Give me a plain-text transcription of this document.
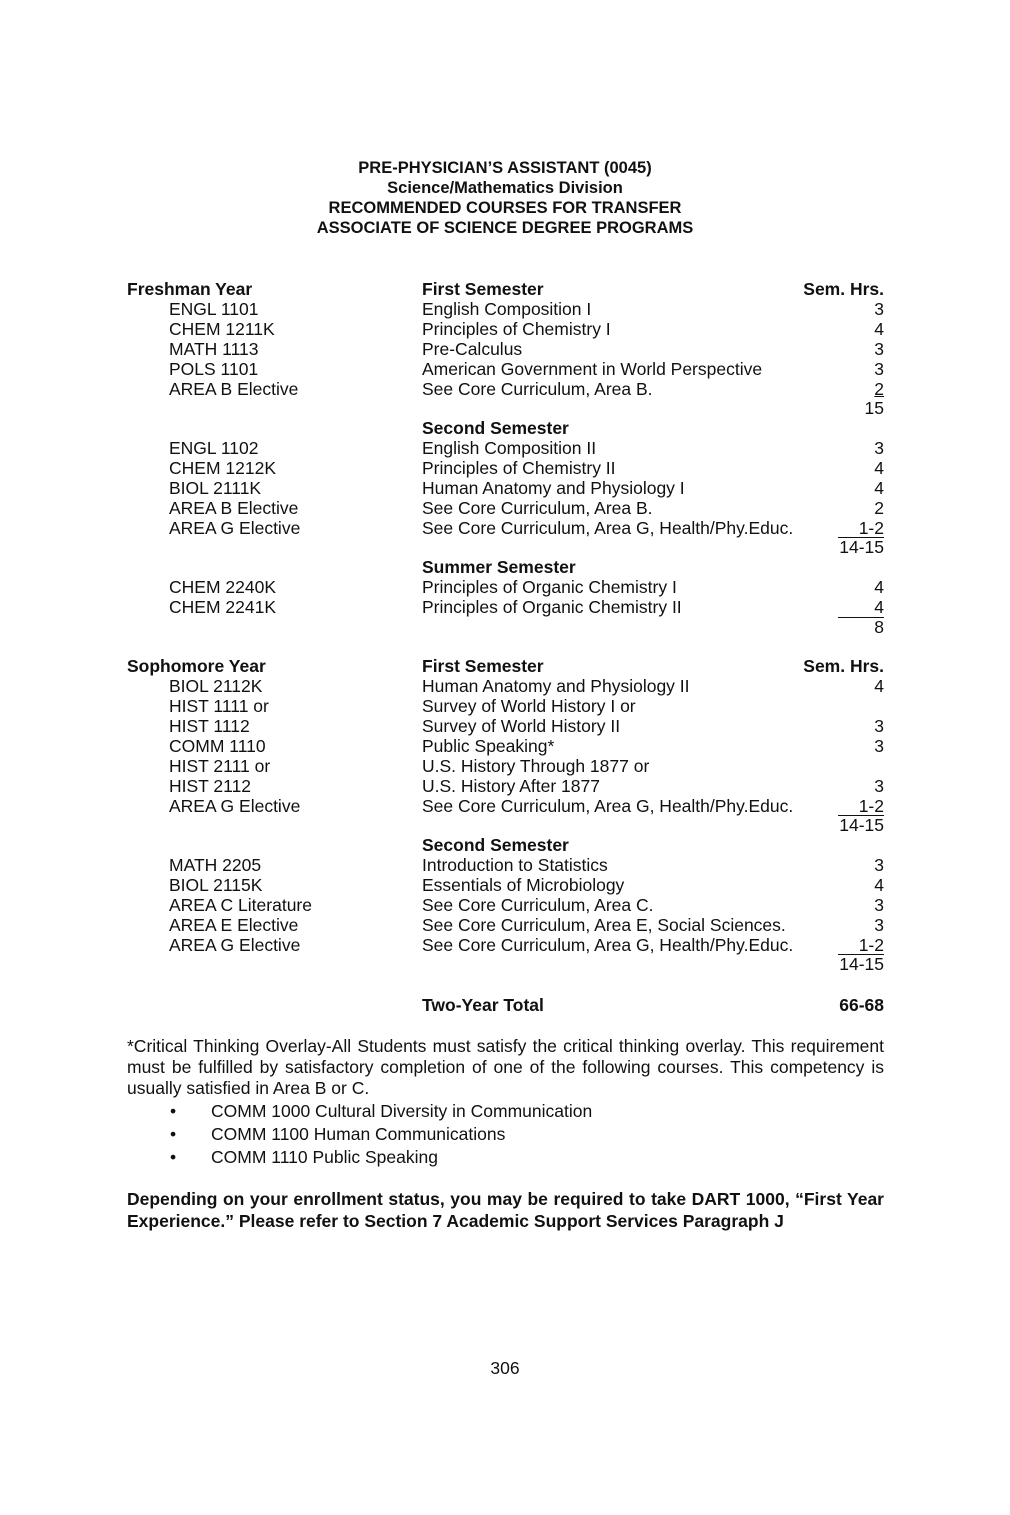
PRE-PHYSICIAN’S ASSISTANT (0045)
Science/Mathematics Division
RECOMMENDED COURSES FOR TRANSFER
ASSOCIATE OF SCIENCE DEGREE PROGRAMS
Freshman Year	First Semester	Sem. Hrs.
ENGL 1101	English Composition I	3
CHEM 1211K	Principles of Chemistry I	4
MATH 1113	Pre-Calculus	3
POLS 1101	American Government in World Perspective	3
AREA B Elective	See Core Curriculum, Area B.	2
15
Second Semester
ENGL 1102	English Composition II	3
CHEM 1212K	Principles of Chemistry II	4
BIOL 2111K	Human Anatomy and Physiology I	4
AREA B Elective	See Core Curriculum, Area B.	2
AREA G Elective	See Core Curriculum, Area G, Health/Phy.Educ.	1-2
14-15
Summer Semester
CHEM 2240K	Principles of Organic Chemistry I	4
CHEM 2241K	Principles of Organic Chemistry II	4
8
Sophomore Year	First Semester	Sem. Hrs.
BIOL 2112K	Human Anatomy and Physiology II	4
HIST 1111 or	Survey of World History I or
HIST 1112	Survey of World History II	3
COMM 1110	Public Speaking*	3
HIST 2111 or	U.S. History Through 1877 or
HIST 2112	U.S. History After 1877	3
AREA G Elective	See Core Curriculum, Area G, Health/Phy.Educ.	1-2
14-15
Second Semester
MATH 2205	Introduction to Statistics	3
BIOL 2115K	Essentials of Microbiology	4
AREA C Literature	See Core Curriculum, Area C.	3
AREA E Elective	See Core Curriculum, Area E, Social Sciences.	3
AREA G Elective	See Core Curriculum, Area G, Health/Phy.Educ.	1-2
14-15
Two-Year Total	66-68
*Critical Thinking Overlay-All Students must satisfy the critical thinking overlay. This requirement must be fulfilled by satisfactory completion of one of the following courses. This competency is usually satisfied in Area B or C.
• COMM 1000 Cultural Diversity in Communication
• COMM 1100 Human Communications
• COMM 1110 Public Speaking
Depending on your enrollment status, you may be required to take DART 1000, “First Year Experience.” Please refer to Section 7 Academic Support Services Paragraph J
306
